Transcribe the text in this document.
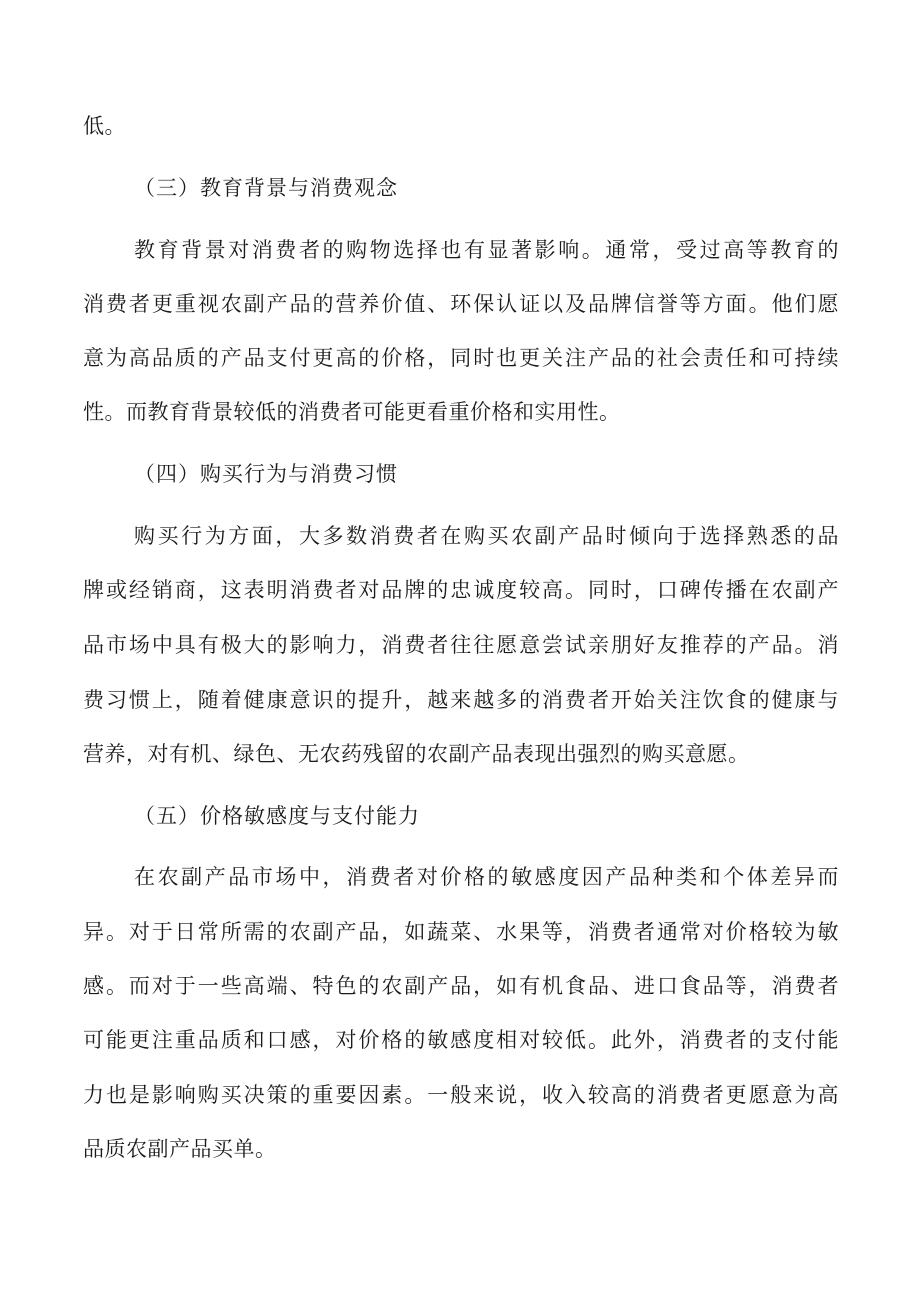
低。
（三）教育背景与消费观念
教育背景对消费者的购物选择也有显著影响。通常，受过高等教育的
消费者更重视农副产品的营养价值、环保认证以及品牌信誉等方面。他们愿
意为高品质的产品支付更高的价格，同时也更关注产品的社会责任和可持续
性。而教育背景较低的消费者可能更看重价格和实用性。
（四）购买行为与消费习惯
购买行为方面，大多数消费者在购买农副产品时倾向于选择熟悉的品
牌或经销商，这表明消费者对品牌的忠诚度较高。同时，口碑传播在农副产
品市场中具有极大的影响力，消费者往往愿意尝试亲朋好友推荐的产品。消
费习惯上，随着健康意识的提升，越来越多的消费者开始关注饮食的健康与
营养，对有机、绿色、无农药残留的农副产品表现出强烈的购买意愿。
（五）价格敏感度与支付能力
在农副产品市场中，消费者对价格的敏感度因产品种类和个体差异而
异。对于日常所需的农副产品，如蔬菜、水果等，消费者通常对价格较为敏
感。而对于一些高端、特色的农副产品，如有机食品、进口食品等，消费者
可能更注重品质和口感，对价格的敏感度相对较低。此外，消费者的支付能
力也是影响购买决策的重要因素。一般来说，收入较高的消费者更愿意为高
品质农副产品买单。
